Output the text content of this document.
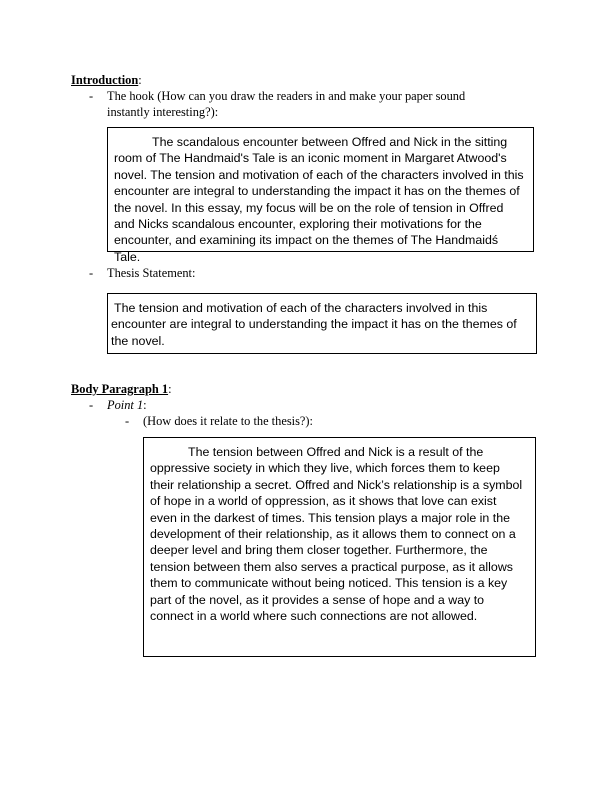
Introduction:
-	The hook (How can you draw the readers in and make your paper sound instantly interesting?):

The scandalous encounter between Offred and Nick in the sitting room of The Handmaid's Tale is an iconic moment in Margaret Atwood's novel. The tension and motivation of each of the characters involved in this encounter are integral to understanding the impact it has on the themes of the novel. In this essay, my focus will be on the role of tension in Offred and Nicks scandalous encounter, exploring their motivations for the encounter, and examining its impact on the themes of The Handmaidś Tale.

-	Thesis Statement:

The tension and motivation of each of the characters involved in this encounter are integral to understanding the impact it has on the themes of the novel.

Body Paragraph 1:
-	Point 1:
-	(How does it relate to the thesis?):

The tension between Offred and Nick is a result of the oppressive society in which they live, which forces them to keep their relationship a secret. Offred and Nick’s relationship is a symbol of hope in a world of oppression, as it shows that love can exist even in the darkest of times. This tension plays a major role in the development of their relationship, as it allows them to connect on a deeper level and bring them closer together. Furthermore, the tension between them also serves a practical purpose, as it allows them to communicate without being noticed. This tension is a key part of the novel, as it provides a sense of hope and a way to connect in a world where such connections are not allowed.
